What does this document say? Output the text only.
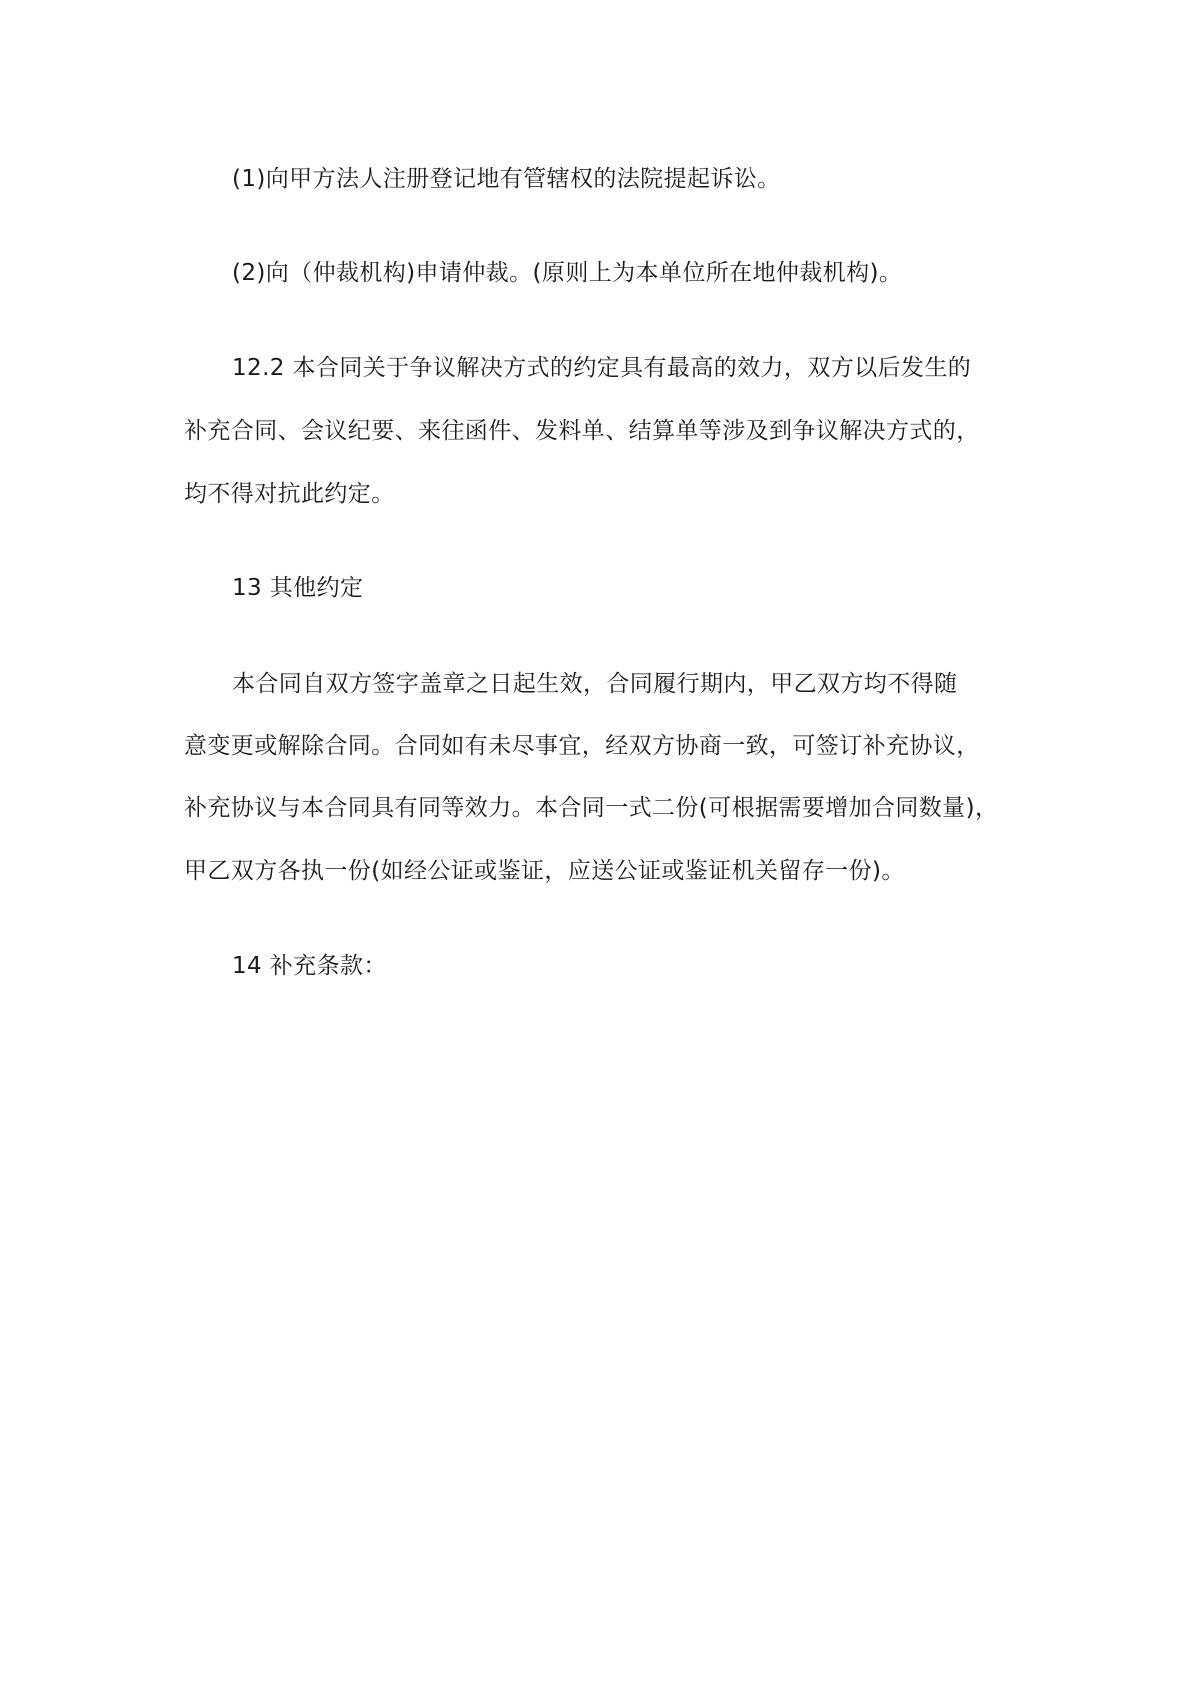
(1)向甲方法人注册登记地有管辖权的法院提起诉讼。
(2)向（仲裁机构)申请仲裁。(原则上为本单位所在地仲裁机构)。
12.2 本合同关于争议解决方式的约定具有最高的效力，双方以后发生的
补充合同、会议纪要、来往函件、发料单、结算单等涉及到争议解决方式的，
均不得对抗此约定。
13 其他约定
本合同自双方签字盖章之日起生效，合同履行期内，甲乙双方均不得随
意变更或解除合同。合同如有未尽事宜，经双方协商一致，可签订补充协议，
补充协议与本合同具有同等效力。本合同一式二份(可根据需要增加合同数量)，
甲乙双方各执一份(如经公证或鉴证，应送公证或鉴证机关留存一份)。
14 补充条款：
